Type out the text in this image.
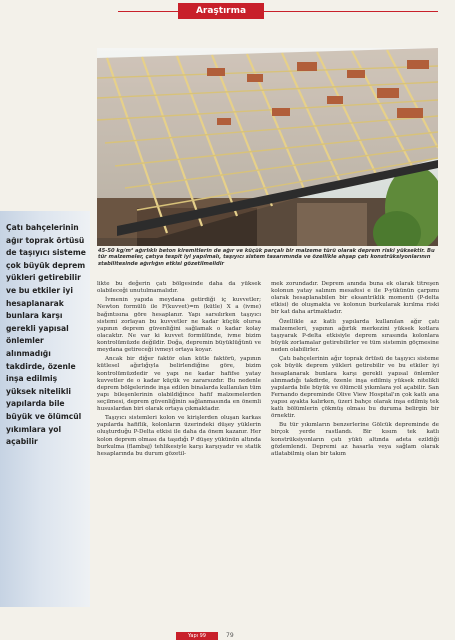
Araştırma
45-50 kg/m² ağırlıklı beton kiremitlerin de ağır ve küçük parçalı bir malzeme türü olarak deprem riski yüksektir. Bu tür malzemeler, çatıya tespit iyi yapılmalı, taşıyıcı sistem tasarımında ve özellikle ahşap çatı konstrüksiyonlarının stabilitesinde ağırlığın etkisi gözetilmelidir
Çatı bahçelerinin ağır toprak örtüsü de taşıyıcı sisteme çok büyük deprem yükleri getirebilir ve bu etkiler iyi hesaplanarak bunlara karşı gerekli yapısal önlemler alınmadığı takdirde, özenle inşa edilmiş yüksek nitelikli yapılarda bile büyük ve ölümcül yıkımlara yol açabilir

likte bu değerin çatı bölgesinde daha da yüksek olabileceği unutulmamalıdır.

İvmenin yapıda meydana getirdiği iç kuvvetler; Newton formülü ile F(kuvvet)=m (kütle) X a (ivme) bağıntısına göre hesaplanır. Yapı sarsılırken taşıyıcı sistemi zorlayan bu kuvvetler ne kadar küçük olursa yapının deprem güvenliğini sağlamak o kadar kolay olacaktır. Ne var ki kuvvet formülünde, ivme bizim kontrolümüzde değildir. Doğa, depremin büyüklüğünü ve meydana getireceği ivmeyi ortaya koyar.

Ancak bir diğer faktör olan kütle faktörü, yapının kütlesel ağırlığıyla belirlendiğine göre, bizim kontrolümüzdedir ve yapı ne kadar hafifse yatay kuvvetler de o kadar küçük ve zararsızdır. Bu nedenle deprem bölgelerinde inşa edilen binalarda kullanılan tüm yapı bileşenlerinin olabildiğince hafif malzemelerden seçilmesi, deprem güvenliğinin sağlanmasında en önemli hususlardan biri olarak ortaya çıkmaktadır.

Taşıyıcı sistemleri kolon ve kirişlerden oluşan karkas yapılarda hafiflik, kolonların üzerindeki düşey yüklerin oluşturduğu P-Delta etkisi ile daha da önem kazanır. Her kolon deprem olması da taşıdığı P düşey yükünün altında burkulma (flambaj) tehlikesiyle karşı karşıyadır ve statik hesaplarında bu durum gözetil-

mek zorundadır. Deprem anında buna ek olarak titreşen kolonun yatay salınım mesafesi e ile P-yükünün çarpımı olarak hesaplanabilen bir eksantriklik momenti (P-delta etkisi) de oluşmakta ve kolonun burkularak kırılma riski bir kat daha artmaktadır.

Özellikle az katlı yapılarda kullanılan ağır çatı malzemeleri, yapının ağırlık merkezini yüksek kotlara taşıyarak P-delta etkisiyle deprem sırasında kolonlara büyük zorlamalar getirebilirler ve tüm sistemin göçmesine neden olabilirler.

Çatı bahçelerinin ağır toprak örtüsü de taşıyıcı sisteme çok büyük deprem yükleri getirebilir ve bu etkiler iyi hesaplanarak bunlara karşı gerekli yapısal önlemler alınmadığı takdirde, özenle inşa edilmiş yüksek nitelikli yapılarda bile büyük ve ölümcül yıkımlara yol açabilir. San Fernando depreminde Olive View Hospital'ın çok katlı ana yapısı ayakta kalırken, üzeri bahçe olarak inşa edilmiş tek katlı bölümlerin çökmüş olması bu duruma belirgin bir örnektir.

Bu tür yıkımların benzerlerine Gölcük depreminde de birçok yerde rastlandı. Bir kısım tek katlı konstrüksiyonların çatı yükü altında adeta ezildiği gözlemlendi. Depremi az hasarla veya sağlam olarak atlatabilmiş olan bir takım

Yapı 99	79
